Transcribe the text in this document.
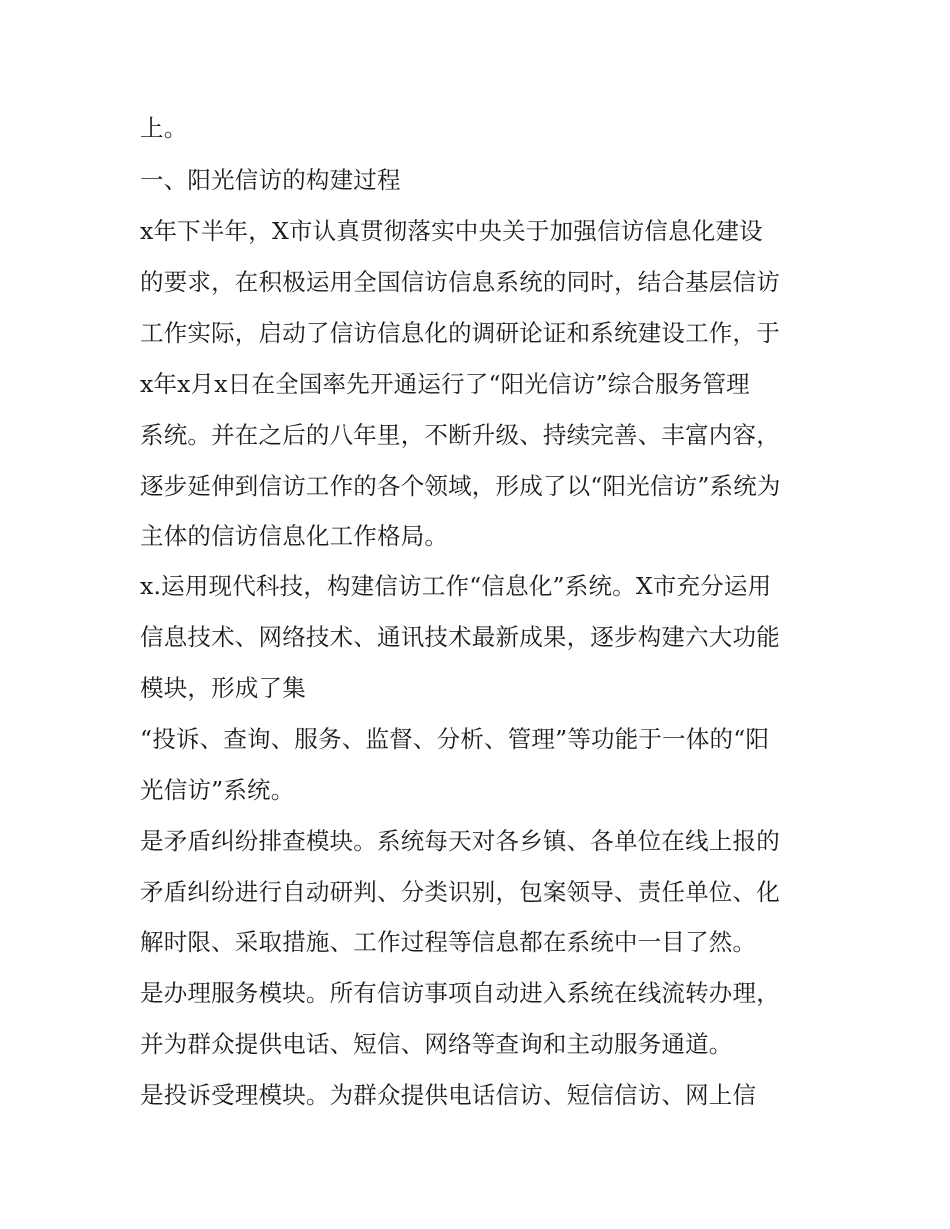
上。

一、阳光信访的构建过程

x年下半年，X市认真贯彻落实中央关于加强信访信息化建设

的要求，在积极运用全国信访信息系统的同时，结合基层信访

工作实际，启动了信访信息化的调研论证和系统建设工作，于

x年x月x日在全国率先开通运行了“阳光信访”综合服务管理

系统。并在之后的八年里，不断升级、持续完善、丰富内容，

逐步延伸到信访工作的各个领域，形成了以“阳光信访”系统为

主体的信访信息化工作格局。

x.运用现代科技，构建信访工作“信息化”系统。X市充分运用

信息技术、网络技术、通讯技术最新成果，逐步构建六大功能

模块，形成了集

“投诉、查询、服务、监督、分析、管理”等功能于一体的“阳

光信访”系统。

是矛盾纠纷排查模块。系统每天对各乡镇、各单位在线上报的

矛盾纠纷进行自动研判、分类识别，包案领导、责任单位、化

解时限、采取措施、工作过程等信息都在系统中一目了然。

是办理服务模块。所有信访事项自动进入系统在线流转办理，

并为群众提供电话、短信、网络等查询和主动服务通道。

是投诉受理模块。为群众提供电话信访、短信信访、网上信
